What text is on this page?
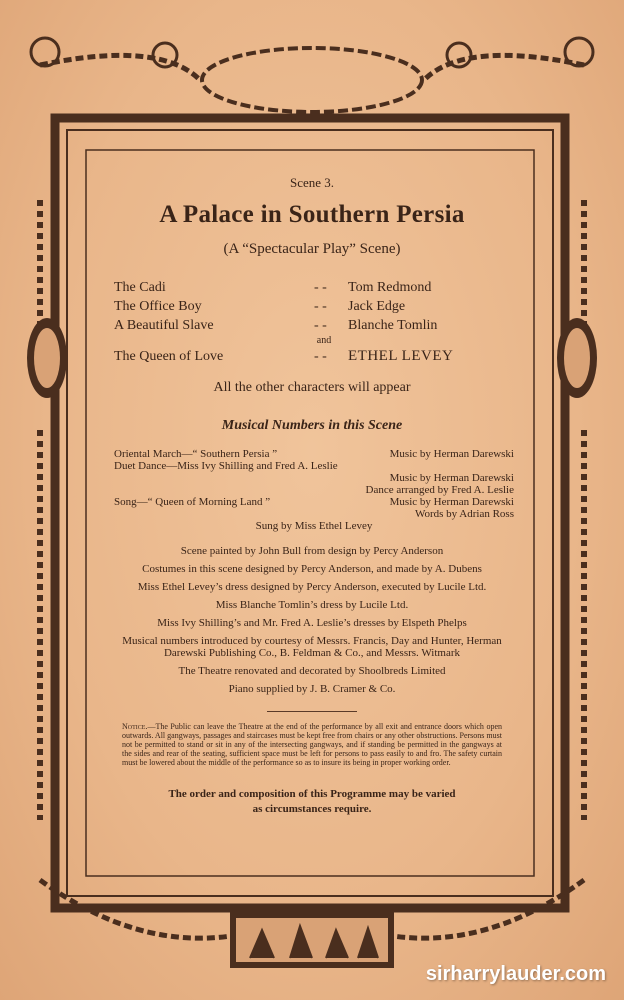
Scene 3.
A Palace in Southern Persia
(A “Spectacular Play” Scene)
The Cadi	- - Tom Redmond
The Office Boy	- - Jack Edge
A Beautiful Slave	- - Blanche Tomlin
and
The Queen of Love	- - ETHEL LEVEY
All the other characters will appear
Musical Numbers in this Scene
Oriental March—“ Southern Persia ”	Music by Herman Darewski
Duet Dance—Miss Ivy Shilling and Fred A. Leslie
Music by Herman Darewski
Dance arranged by Fred A. Leslie
Song—“ Queen of Morning Land ”	Music by Herman Darewski
Words by Adrian Ross
Sung by Miss Ethel Levey
Scene painted by John Bull from design by Percy Anderson
Costumes in this scene designed by Percy Anderson, and made by A. Dubens
Miss Ethel Levey’s dress designed by Percy Anderson, executed by Lucile Ltd.
Miss Blanche Tomlin’s dress by Lucile Ltd.
Miss Ivy Shilling’s and Mr. Fred A. Leslie’s dresses by Elspeth Phelps
Musical numbers introduced by courtesy of Messrs. Francis, Day and Hunter, Herman Darewski Publishing Co., B. Feldman & Co., and Messrs. Witmark
The Theatre renovated and decorated by Shoolbreds Limited
Piano supplied by J. B. Cramer & Co.
Notice.—The Public can leave the Theatre at the end of the performance by all exit and entrance doors which open outwards. All gangways, passages and staircases must be kept free from chairs or any other obstructions. Persons must not be permitted to stand or sit in any of the intersecting gangways, and if standing be permitted in the gangways at the sides and rear of the seating, sufficient space must be left for persons to pass easily to and fro. The safety curtain must be lowered about the middle of the performance so as to insure its being in proper working order.
The order and composition of this Programme may be varied
as circumstances require.
sirharrylauder.com
